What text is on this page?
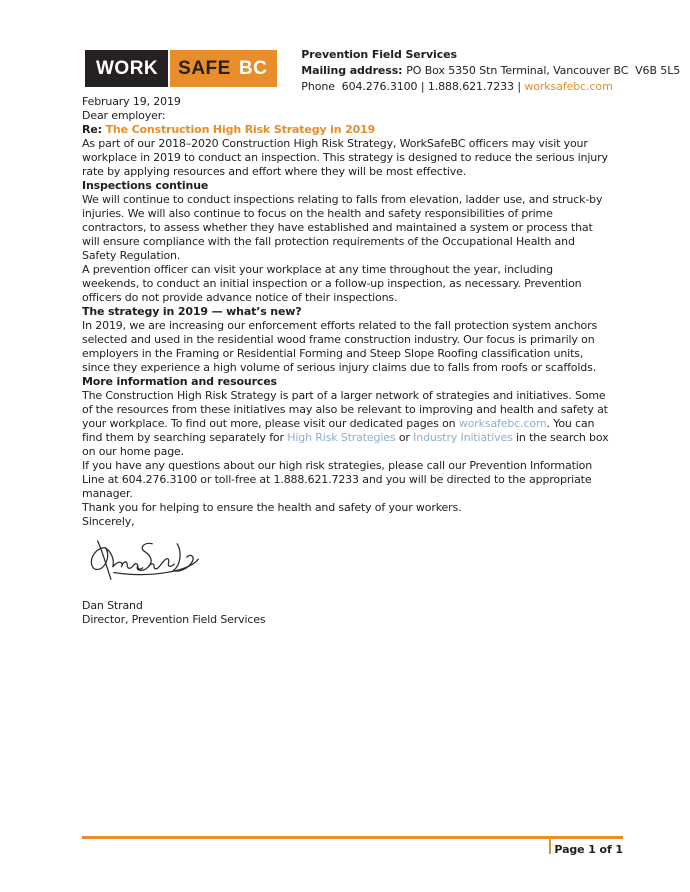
WORK SAFE BC
Prevention Field Services
Mailing address: PO Box 5350 Stn Terminal, Vancouver BC  V6B 5L5
Phone  604.276.3100 | 1.888.621.7233 | worksafebc.com

February 19, 2019

Dear employer:

Re: The Construction High Risk Strategy in 2019

As part of our 2018–2020 Construction High Risk Strategy, WorkSafeBC officers may visit your workplace in 2019 to conduct an inspection. This strategy is designed to reduce the serious injury rate by applying resources and effort where they will be most effective.

Inspections continue

We will continue to conduct inspections relating to falls from elevation, ladder use, and struck-by injuries. We will also continue to focus on the health and safety responsibilities of prime contractors, to assess whether they have established and maintained a system or process that will ensure compliance with the fall protection requirements of the Occupational Health and Safety Regulation.

A prevention officer can visit your workplace at any time throughout the year, including weekends, to conduct an initial inspection or a follow-up inspection, as necessary. Prevention officers do not provide advance notice of their inspections.

The strategy in 2019 — what’s new?

In 2019, we are increasing our enforcement efforts related to the fall protection system anchors selected and used in the residential wood frame construction industry. Our focus is primarily on employers in the Framing or Residential Forming and Steep Slope Roofing classification units, since they experience a high volume of serious injury claims due to falls from roofs or scaffolds.

More information and resources

The Construction High Risk Strategy is part of a larger network of strategies and initiatives. Some of the resources from these initiatives may also be relevant to improving and health and safety at your workplace. To find out more, please visit our dedicated pages on worksafebc.com. You can find them by searching separately for High Risk Strategies or Industry Initiatives in the search box on our home page.

If you have any questions about our high risk strategies, please call our Prevention Information Line at 604.276.3100 or toll-free at 1.888.621.7233 and you will be directed to the appropriate manager.

Thank you for helping to ensure the health and safety of your workers.

Sincerely,

Dan Strand
Director, Prevention Field Services
Page 1 of 1
